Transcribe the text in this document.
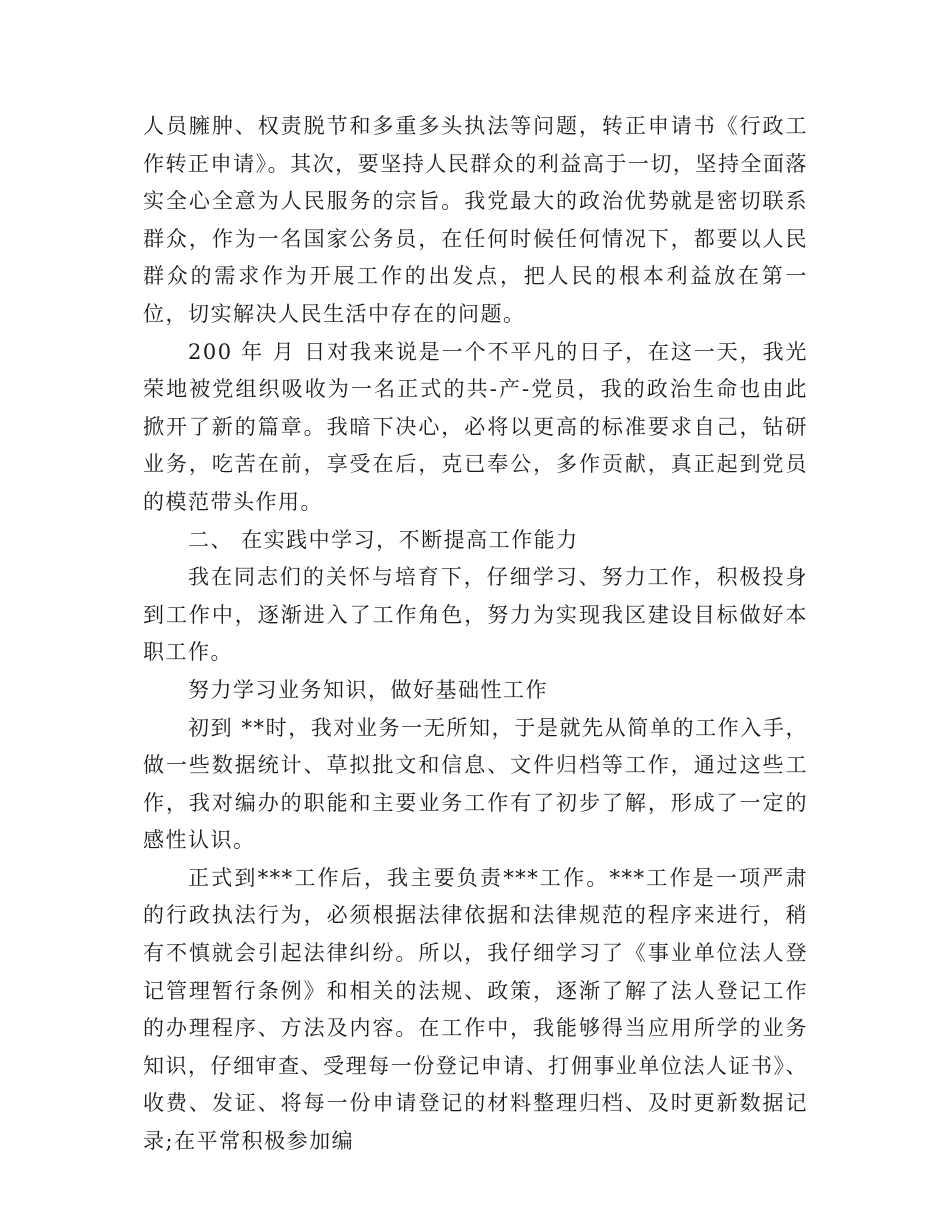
人员臃肿、权责脱节和多重多头执法等问题，转正申请书《行政工作转正申请》。其次，要坚持人民群众的利益高于一切，坚持全面落实全心全意为人民服务的宗旨。我党最大的政治优势就是密切联系群众，作为一名国家公务员，在任何时候任何情况下，都要以人民群众的需求作为开展工作的出发点，把人民的根本利益放在第一位，切实解决人民生活中存在的问题。

200 年 月 日对我来说是一个不平凡的日子，在这一天，我光荣地被党组织吸收为一名正式的共-产-党员，我的政治生命也由此掀开了新的篇章。我暗下决心，必将以更高的标准要求自己，钻研业务，吃苦在前，享受在后，克已奉公，多作贡献，真正起到党员的模范带头作用。

二、 在实践中学习，不断提高工作能力

我在同志们的关怀与培育下，仔细学习、努力工作，积极投身到工作中，逐渐进入了工作角色，努力为实现我区建设目标做好本职工作。

努力学习业务知识，做好基础性工作

初到 **时，我对业务一无所知，于是就先从简单的工作入手，做一些数据统计、草拟批文和信息、文件归档等工作，通过这些工作，我对编办的职能和主要业务工作有了初步了解，形成了一定的感性认识。

正式到***工作后，我主要负责***工作。***工作是一项严肃的行政执法行为，必须根据法律依据和法律规范的程序来进行，稍有不慎就会引起法律纠纷。所以，我仔细学习了《事业单位法人登记管理暂行条例》和相关的法规、政策，逐渐了解了法人登记工作的办理程序、方法及内容。在工作中，我能够得当应用所学的业务知识，仔细审查、受理每一份登记申请、打佣事业单位法人证书》、收费、发证、将每一份申请登记的材料整理归档、及时更新数据记录;在平常积极参加编
